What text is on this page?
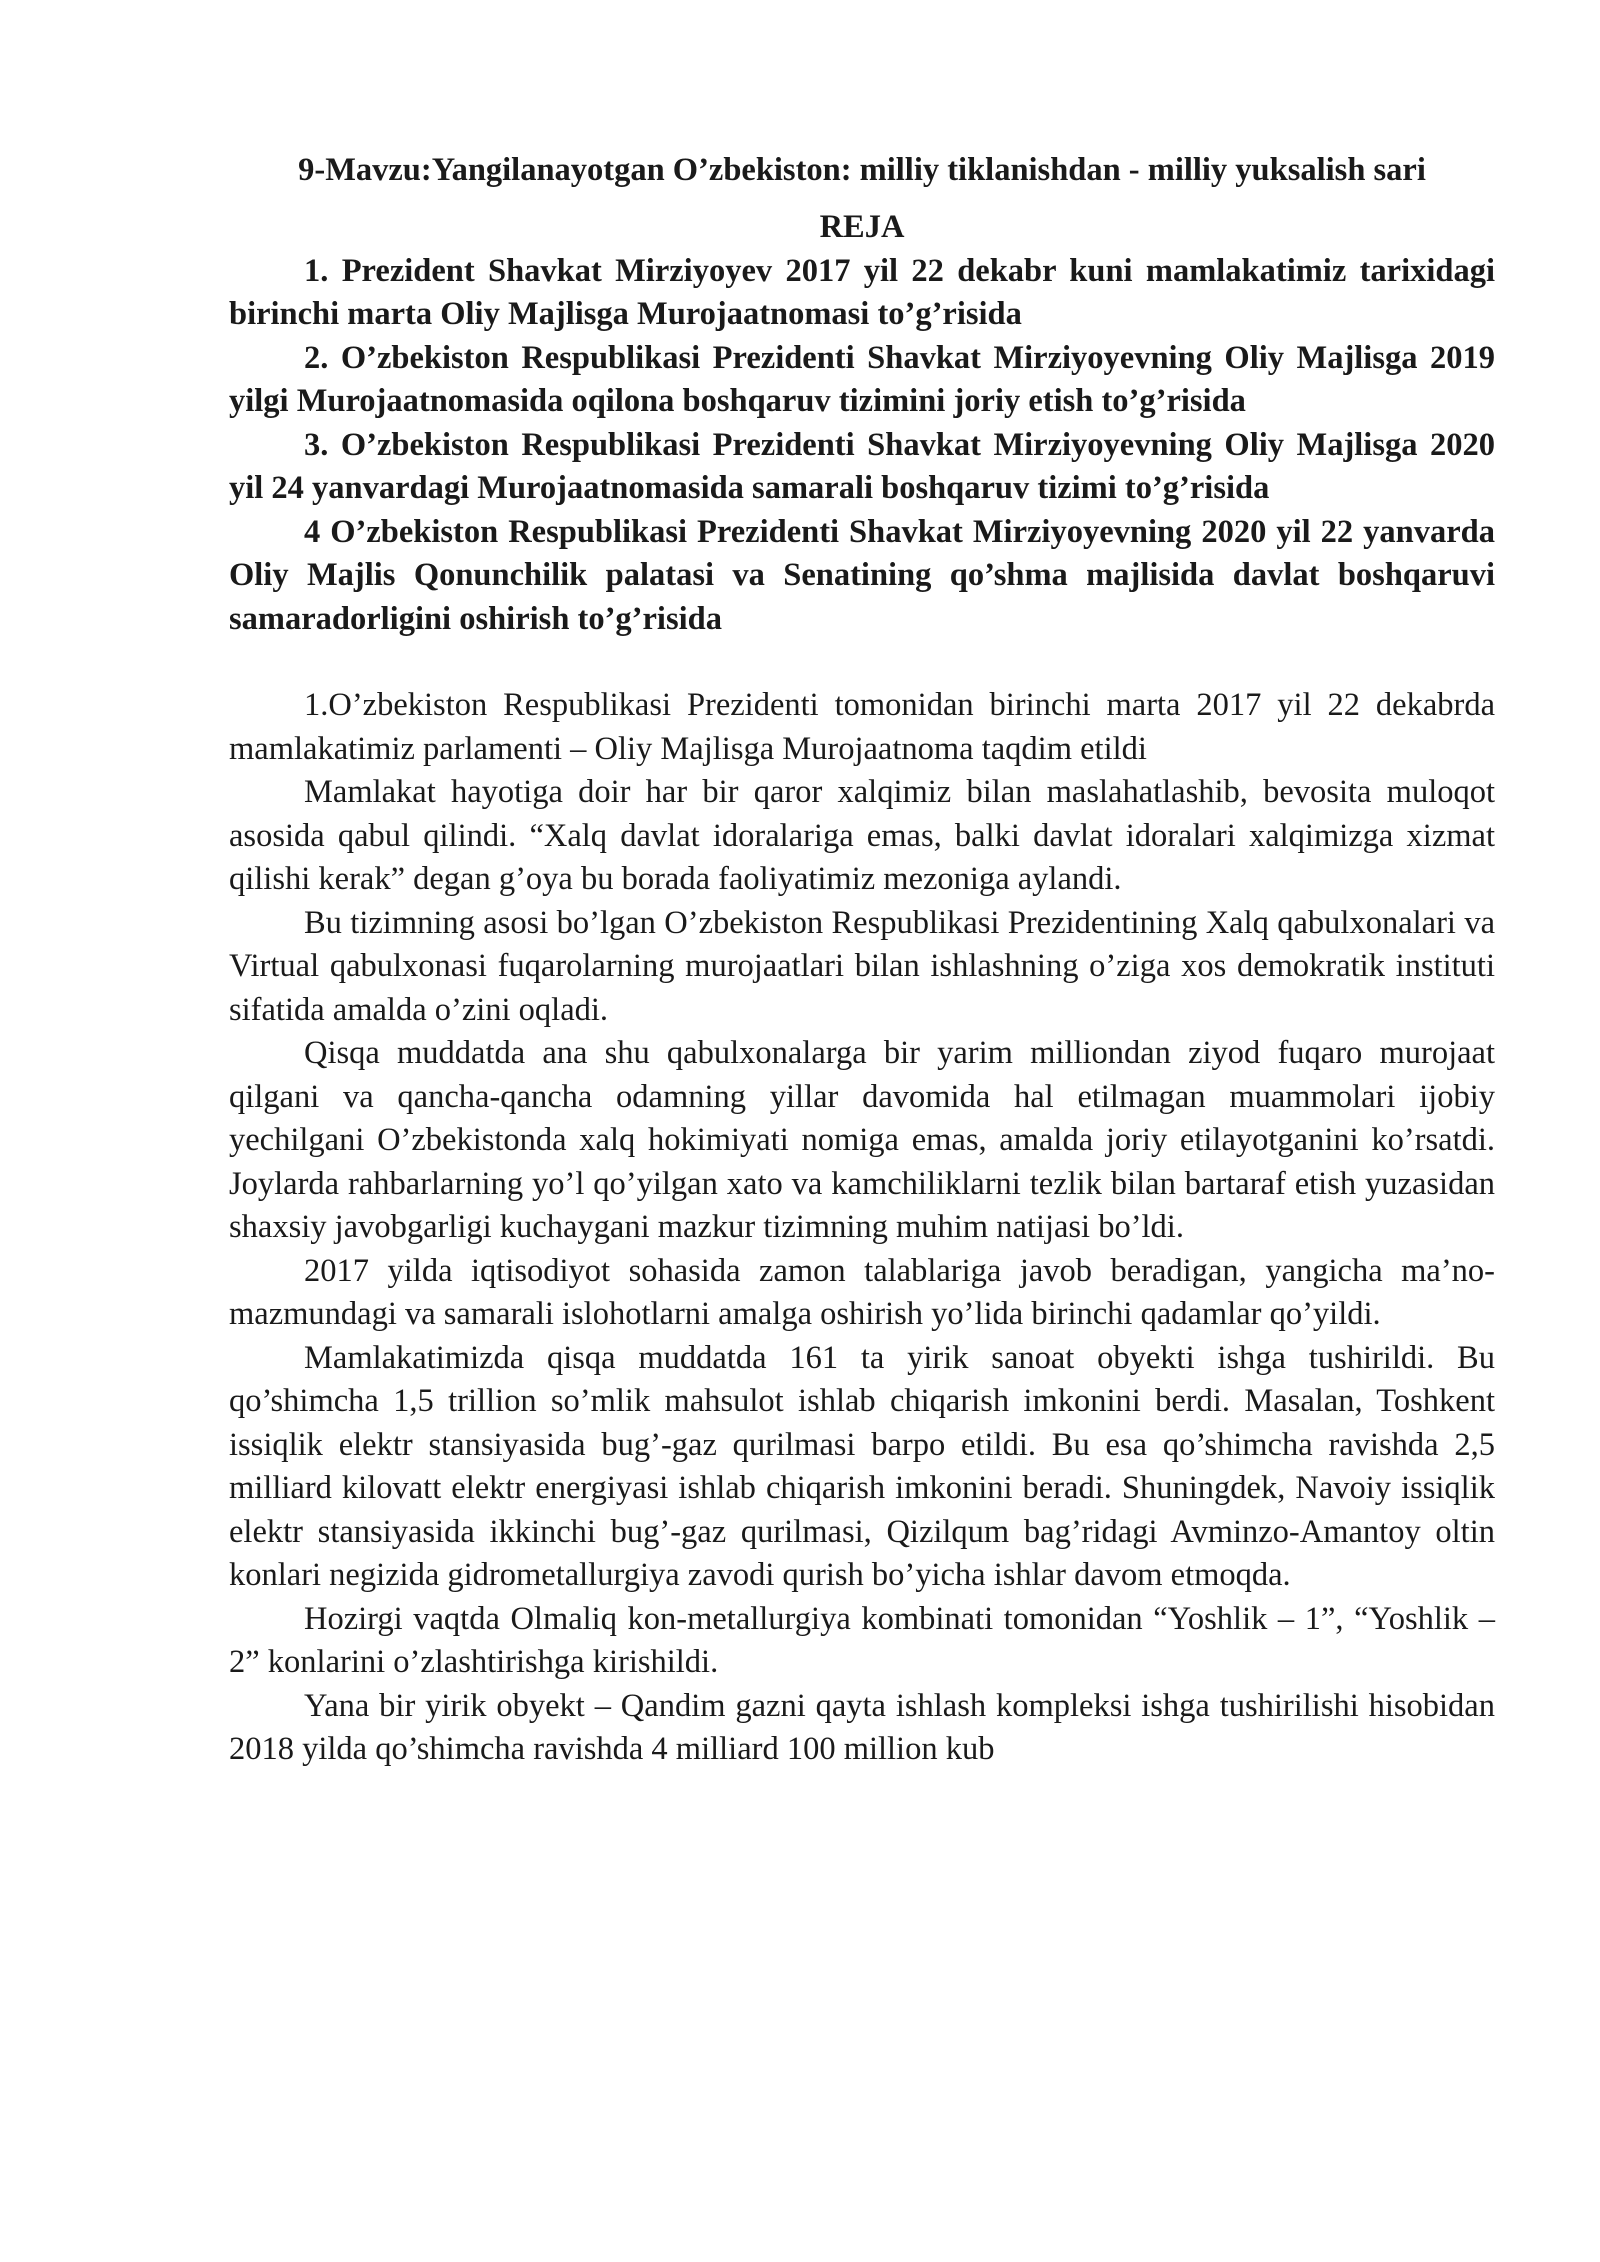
9-Mavzu:Yangilanayotgan O’zbekiston: milliy tiklanishdan - milliy yuksalish sari
REJA
1. Prezident Shavkat Mirziyoyev 2017 yil 22 dekabr kuni mamlakatimiz tarixidagi birinchi marta Oliy Majlisga Murojaatnomasi to’g’risida
2. O’zbekiston Respublikasi Prezidenti Shavkat Mirziyoyevning Oliy Majlisga 2019 yilgi Murojaatnomasida oqilona boshqaruv tizimini joriy etish to’g’risida
3. O’zbekiston Respublikasi Prezidenti Shavkat Mirziyoyevning Oliy Majlisga 2020 yil 24 yanvardagi Murojaatnomasida samarali boshqaruv tizimi to’g’risida
4 O’zbekiston Respublikasi Prezidenti Shavkat Mirziyoyevning 2020 yil 22 yanvarda Oliy Majlis Qonunchilik palatasi va Senatining qo’shma majlisida davlat boshqaruvi samaradorligini oshirish to’g’risida

1.O’zbekiston Respublikasi Prezidenti tomonidan birinchi marta 2017 yil 22 dekabrda mamlakatimiz parlamenti – Oliy Majlisga Murojaatnoma taqdim etildi

Mamlakat hayotiga doir har bir qaror xalqimiz bilan maslahatlashib, bevosita muloqot asosida qabul qilindi. “Xalq davlat idoralariga emas, balki davlat idoralari xalqimizga xizmat qilishi kerak” degan g’oya bu borada faoliyatimiz mezoniga aylandi.

Bu tizimning asosi bo’lgan O’zbekiston Respublikasi Prezidentining Xalq qabulxonalari va Virtual qabulxonasi fuqarolarning murojaatlari bilan ishlashning o’ziga xos demokratik instituti sifatida amalda o’zini oqladi.

Qisqa muddatda ana shu qabulxonalarga bir yarim milliondan ziyod fuqaro murojaat qilgani va qancha-qancha odamning yillar davomida hal etilmagan muammolari ijobiy yechilgani O’zbekistonda xalq hokimiyati nomiga emas, amalda joriy etilayotganini ko’rsatdi. Joylarda rahbarlarning yo’l qo’yilgan xato va kamchiliklarni tezlik bilan bartaraf etish yuzasidan shaxsiy javobgarligi kuchaygani mazkur tizimning muhim natijasi bo’ldi.

2017 yilda iqtisodiyot sohasida zamon talablariga javob beradigan, yangicha ma’no-mazmundagi va samarali islohotlarni amalga oshirish yo’lida birinchi qadamlar qo’yildi.

Mamlakatimizda qisqa muddatda 161 ta yirik sanoat obyekti ishga tushirildi. Bu qo’shimcha 1,5 trillion so’mlik mahsulot ishlab chiqarish imkonini berdi. Masalan, Toshkent issiqlik elektr stansiyasida bug’-gaz qurilmasi barpo etildi. Bu esa qo’shimcha ravishda 2,5 milliard kilovatt elektr energiyasi ishlab chiqarish imkonini beradi. Shuningdek, Navoiy issiqlik elektr stansiyasida ikkinchi bug’-gaz qurilmasi, Qizilqum bag’ridagi Avminzo-Amantoy oltin konlari negizida gidrometallurgiya zavodi qurish bo’yicha ishlar davom etmoqda.

Hozirgi vaqtda Olmaliq kon-metallurgiya kombinati tomonidan “Yoshlik – 1”, “Yoshlik – 2” konlarini o’zlashtirishga kirishildi.

Yana bir yirik obyekt – Qandim gazni qayta ishlash kompleksi ishga tushirilishi hisobidan 2018 yilda qo’shimcha ravishda 4 milliard 100 million kub
